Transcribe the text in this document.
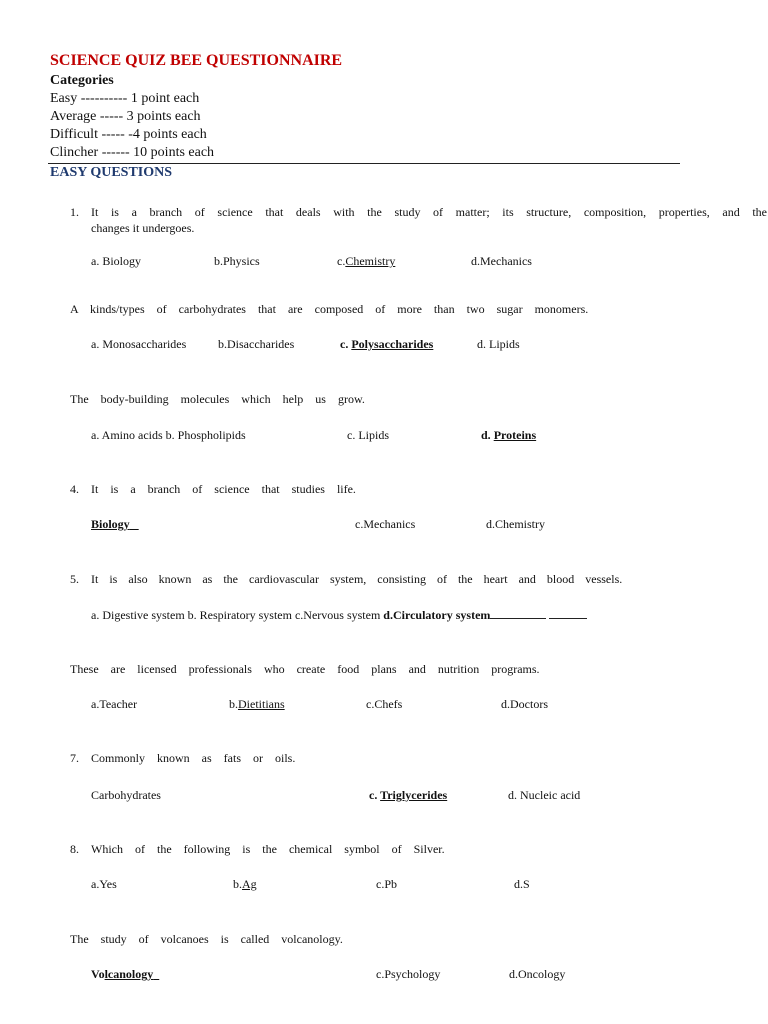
SCIENCE QUIZ BEE QUESTIONNAIRE
Categories
Easy ---------- 1 point each
Average ----- 3 points each
Difficult ----- -4 points each
Clincher ------ 10 points each
EASY QUESTIONS
1. It is a branch of science that deals with the study of matter; its structure, composition, properties, and the
changes it undergoes.
a. Biology	b.Physics	c.Chemistry	d.Mechanics
A kinds/types of carbohydrates that are composed of more than two sugar monomers.
a. Monosaccharides	b.Disaccharides	c. Polysaccharides	d. Lipids
The body-building molecules which help us grow.
a. Amino acids b. Phospholipids	c. Lipids	d. Proteins
4. It is a branch of science that studies life.
Biology	c.Mechanics	d.Chemistry
5. It is also known as the cardiovascular system, consisting of the heart and blood vessels.
a. Digestive system b. Respiratory system c.Nervous system d.Circulatory system
These are licensed professionals who create food plans and nutrition programs.
a.Teacher	b.Dietitians	c.Chefs	d.Doctors
7. Commonly known as fats or oils.
Carbohydrates	c. Triglycerides	d. Nucleic acid
8. Which of the following is the chemical symbol of Silver.
a.Yes	b.Ag	c.Pb	d.S
The study of volcanoes is called volcanology.
Volcanology	c.Psychology	d.Oncology
